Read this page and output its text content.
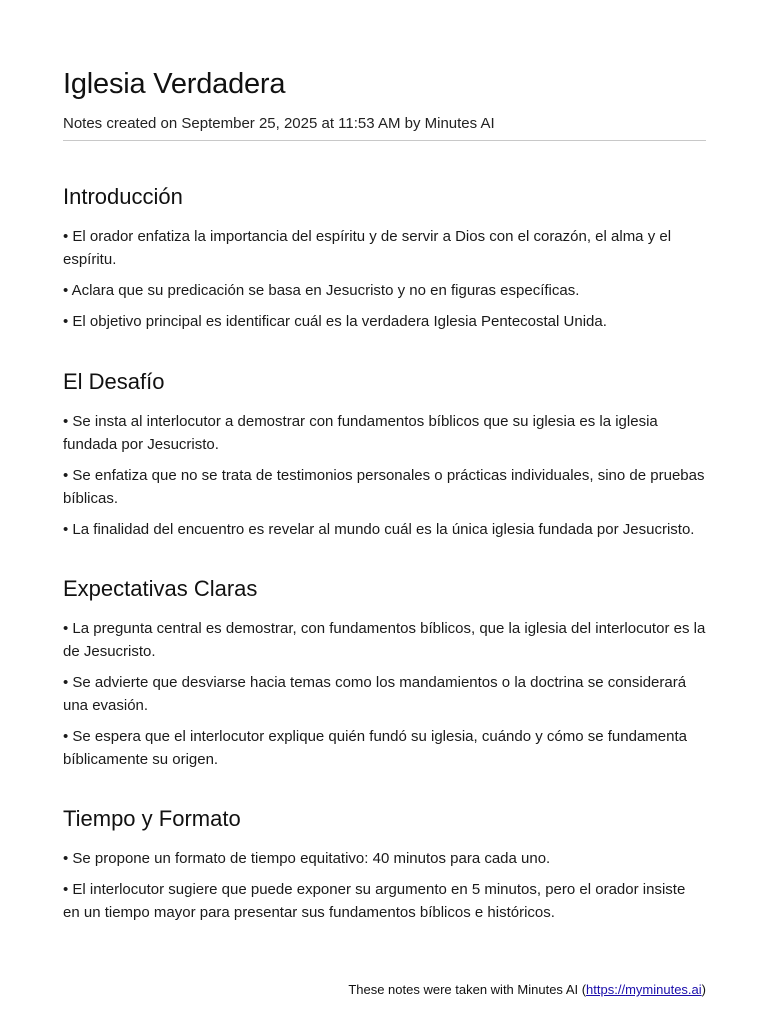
Iglesia Verdadera
Notes created on September 25, 2025 at 11:53 AM by Minutes AI
Introducción
• El orador enfatiza la importancia del espíritu y de servir a Dios con el corazón, el alma y el espíritu.
• Aclara que su predicación se basa en Jesucristo y no en figuras específicas.
• El objetivo principal es identificar cuál es la verdadera Iglesia Pentecostal Unida.
El Desafío
• Se insta al interlocutor a demostrar con fundamentos bíblicos que su iglesia es la iglesia fundada por Jesucristo.
• Se enfatiza que no se trata de testimonios personales o prácticas individuales, sino de pruebas bíblicas.
• La finalidad del encuentro es revelar al mundo cuál es la única iglesia fundada por Jesucristo.
Expectativas Claras
• La pregunta central es demostrar, con fundamentos bíblicos, que la iglesia del interlocutor es la de Jesucristo.
• Se advierte que desviarse hacia temas como los mandamientos o la doctrina se considerará una evasión.
• Se espera que el interlocutor explique quién fundó su iglesia, cuándo y cómo se fundamenta bíblicamente su origen.
Tiempo y Formato
• Se propone un formato de tiempo equitativo: 40 minutos para cada uno.
• El interlocutor sugiere que puede exponer su argumento en 5 minutos, pero el orador insiste en un tiempo mayor para presentar sus fundamentos bíblicos e históricos.
These notes were taken with Minutes AI (https://myminutes.ai)
